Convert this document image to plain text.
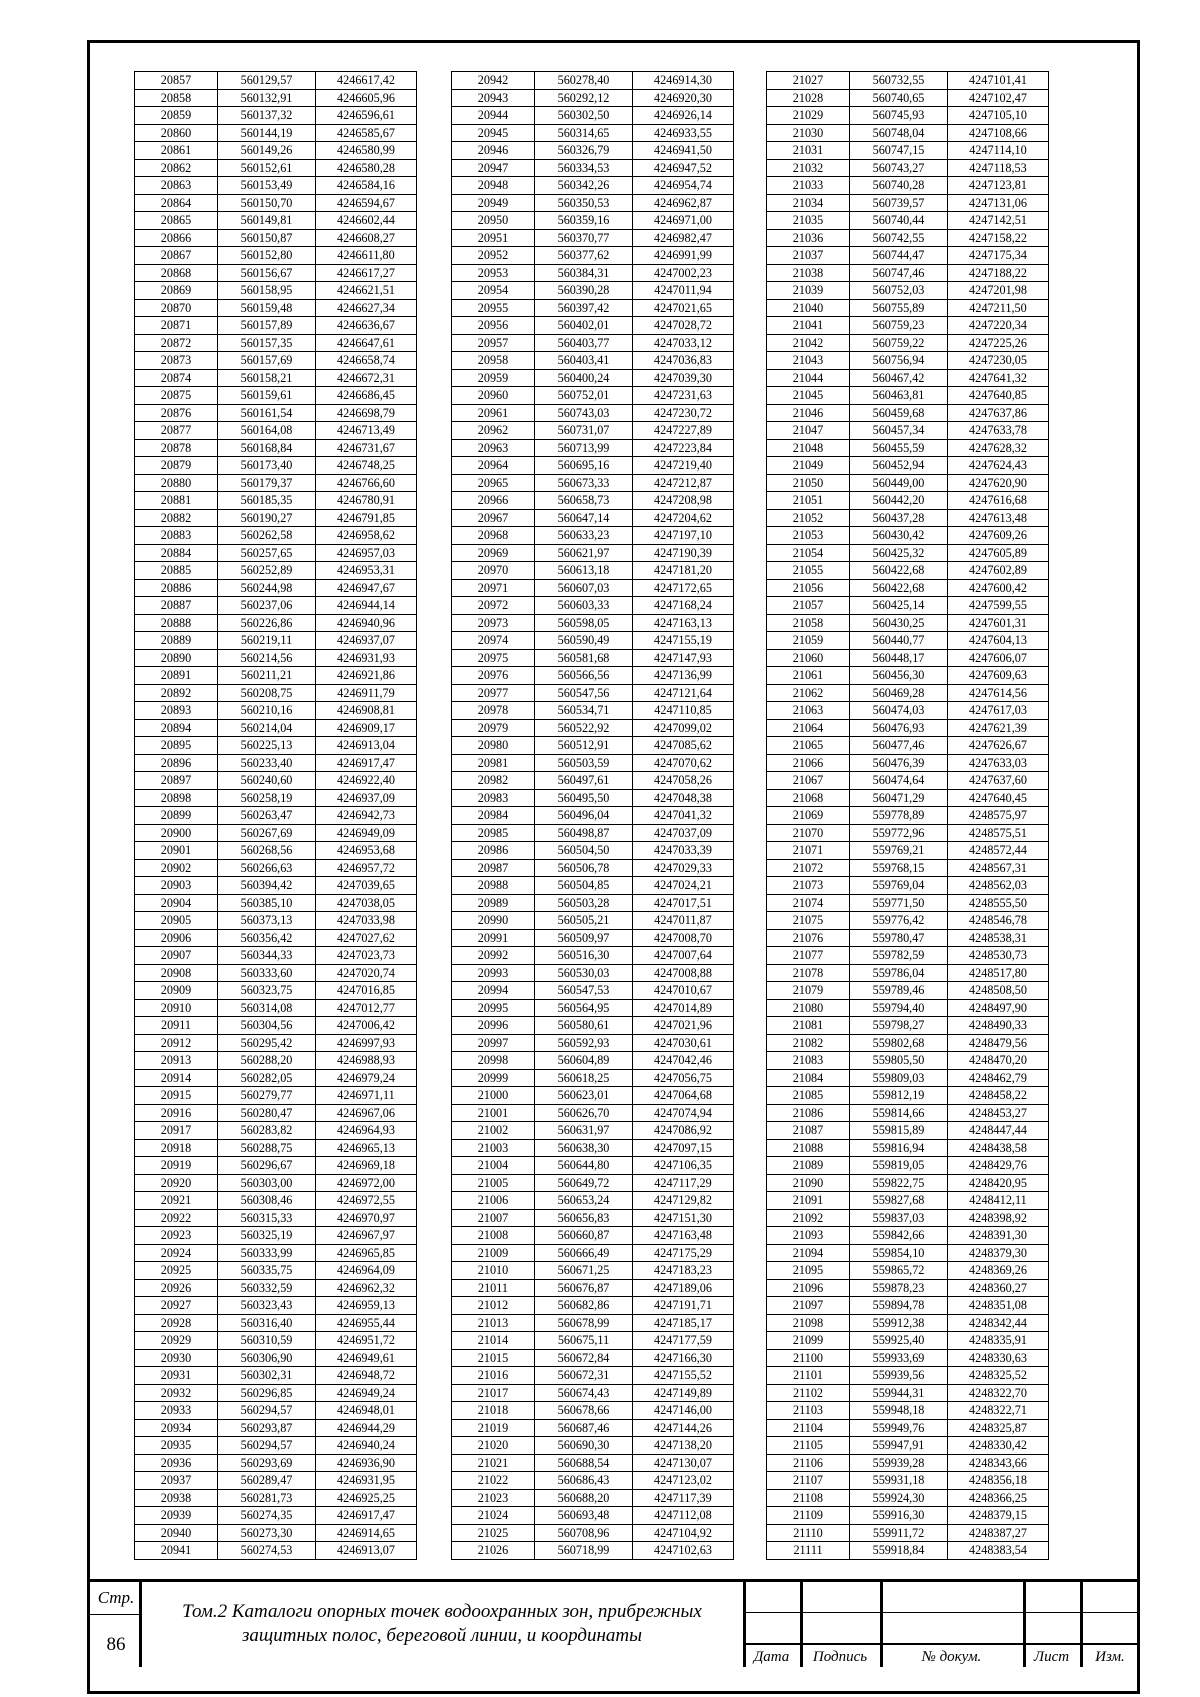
20857	560129,57	4246617,42
20858	560132,91	4246605,96
20859	560137,32	4246596,61
20860	560144,19	4246585,67
20861	560149,26	4246580,99
20862	560152,61	4246580,28
20863	560153,49	4246584,16
20864	560150,70	4246594,67
20865	560149,81	4246602,44
20866	560150,87	4246608,27
20867	560152,80	4246611,80
20868	560156,67	4246617,27
20869	560158,95	4246621,51
20870	560159,48	4246627,34
20871	560157,89	4246636,67
20872	560157,35	4246647,61
20873	560157,69	4246658,74
20874	560158,21	4246672,31
20875	560159,61	4246686,45
20876	560161,54	4246698,79
20877	560164,08	4246713,49
20878	560168,84	4246731,67
20879	560173,40	4246748,25
20880	560179,37	4246766,60
20881	560185,35	4246780,91
20882	560190,27	4246791,85
20883	560262,58	4246958,62
20884	560257,65	4246957,03
20885	560252,89	4246953,31
20886	560244,98	4246947,67
20887	560237,06	4246944,14
20888	560226,86	4246940,96
20889	560219,11	4246937,07
20890	560214,56	4246931,93
20891	560211,21	4246921,86
20892	560208,75	4246911,79
20893	560210,16	4246908,81
20894	560214,04	4246909,17
20895	560225,13	4246913,04
20896	560233,40	4246917,47
20897	560240,60	4246922,40
20898	560258,19	4246937,09
20899	560263,47	4246942,73
20900	560267,69	4246949,09
20901	560268,56	4246953,68
20902	560266,63	4246957,72
20903	560394,42	4247039,65
20904	560385,10	4247038,05
20905	560373,13	4247033,98
20906	560356,42	4247027,62
20907	560344,33	4247023,73
20908	560333,60	4247020,74
20909	560323,75	4247016,85
20910	560314,08	4247012,77
20911	560304,56	4247006,42
20912	560295,42	4246997,93
20913	560288,20	4246988,93
20914	560282,05	4246979,24
20915	560279,77	4246971,11
20916	560280,47	4246967,06
20917	560283,82	4246964,93
20918	560288,75	4246965,13
20919	560296,67	4246969,18
20920	560303,00	4246972,00
20921	560308,46	4246972,55
20922	560315,33	4246970,97
20923	560325,19	4246967,97
20924	560333,99	4246965,85
20925	560335,75	4246964,09
20926	560332,59	4246962,32
20927	560323,43	4246959,13
20928	560316,40	4246955,44
20929	560310,59	4246951,72
20930	560306,90	4246949,61
20931	560302,31	4246948,72
20932	560296,85	4246949,24
20933	560294,57	4246948,01
20934	560293,87	4246944,29
20935	560294,57	4246940,24
20936	560293,69	4246936,90
20937	560289,47	4246931,95
20938	560281,73	4246925,25
20939	560274,35	4246917,47
20940	560273,30	4246914,65
20941	560274,53	4246913,07
20942	560278,40	4246914,30
20943	560292,12	4246920,30
20944	560302,50	4246926,14
20945	560314,65	4246933,55
20946	560326,79	4246941,50
20947	560334,53	4246947,52
20948	560342,26	4246954,74
20949	560350,53	4246962,87
20950	560359,16	4246971,00
20951	560370,77	4246982,47
20952	560377,62	4246991,99
20953	560384,31	4247002,23
20954	560390,28	4247011,94
20955	560397,42	4247021,65
20956	560402,01	4247028,72
20957	560403,77	4247033,12
20958	560403,41	4247036,83
20959	560400,24	4247039,30
20960	560752,01	4247231,63
20961	560743,03	4247230,72
20962	560731,07	4247227,89
20963	560713,99	4247223,84
20964	560695,16	4247219,40
20965	560673,33	4247212,87
20966	560658,73	4247208,98
20967	560647,14	4247204,62
20968	560633,23	4247197,10
20969	560621,97	4247190,39
20970	560613,18	4247181,20
20971	560607,03	4247172,65
20972	560603,33	4247168,24
20973	560598,05	4247163,13
20974	560590,49	4247155,19
20975	560581,68	4247147,93
20976	560566,56	4247136,99
20977	560547,56	4247121,64
20978	560534,71	4247110,85
20979	560522,92	4247099,02
20980	560512,91	4247085,62
20981	560503,59	4247070,62
20982	560497,61	4247058,26
20983	560495,50	4247048,38
20984	560496,04	4247041,32
20985	560498,87	4247037,09
20986	560504,50	4247033,39
20987	560506,78	4247029,33
20988	560504,85	4247024,21
20989	560503,28	4247017,51
20990	560505,21	4247011,87
20991	560509,97	4247008,70
20992	560516,30	4247007,64
20993	560530,03	4247008,88
20994	560547,53	4247010,67
20995	560564,95	4247014,89
20996	560580,61	4247021,96
20997	560592,93	4247030,61
20998	560604,89	4247042,46
20999	560618,25	4247056,75
21000	560623,01	4247064,68
21001	560626,70	4247074,94
21002	560631,97	4247086,92
21003	560638,30	4247097,15
21004	560644,80	4247106,35
21005	560649,72	4247117,29
21006	560653,24	4247129,82
21007	560656,83	4247151,30
21008	560660,87	4247163,48
21009	560666,49	4247175,29
21010	560671,25	4247183,23
21011	560676,87	4247189,06
21012	560682,86	4247191,71
21013	560678,99	4247185,17
21014	560675,11	4247177,59
21015	560672,84	4247166,30
21016	560672,31	4247155,52
21017	560674,43	4247149,89
21018	560678,66	4247146,00
21019	560687,46	4247144,26
21020	560690,30	4247138,20
21021	560688,54	4247130,07
21022	560686,43	4247123,02
21023	560688,20	4247117,39
21024	560693,48	4247112,08
21025	560708,96	4247104,92
21026	560718,99	4247102,63
21027	560732,55	4247101,41
21028	560740,65	4247102,47
21029	560745,93	4247105,10
21030	560748,04	4247108,66
21031	560747,15	4247114,10
21032	560743,27	4247118,53
21033	560740,28	4247123,81
21034	560739,57	4247131,06
21035	560740,44	4247142,51
21036	560742,55	4247158,22
21037	560744,47	4247175,34
21038	560747,46	4247188,22
21039	560752,03	4247201,98
21040	560755,89	4247211,50
21041	560759,23	4247220,34
21042	560759,22	4247225,26
21043	560756,94	4247230,05
21044	560467,42	4247641,32
21045	560463,81	4247640,85
21046	560459,68	4247637,86
21047	560457,34	4247633,78
21048	560455,59	4247628,32
21049	560452,94	4247624,43
21050	560449,00	4247620,90
21051	560442,20	4247616,68
21052	560437,28	4247613,48
21053	560430,42	4247609,26
21054	560425,32	4247605,89
21055	560422,68	4247602,89
21056	560422,68	4247600,42
21057	560425,14	4247599,55
21058	560430,25	4247601,31
21059	560440,77	4247604,13
21060	560448,17	4247606,07
21061	560456,30	4247609,63
21062	560469,28	4247614,56
21063	560474,03	4247617,03
21064	560476,93	4247621,39
21065	560477,46	4247626,67
21066	560476,39	4247633,03
21067	560474,64	4247637,60
21068	560471,29	4247640,45
21069	559778,89	4248575,97
21070	559772,96	4248575,51
21071	559769,21	4248572,44
21072	559768,15	4248567,31
21073	559769,04	4248562,03
21074	559771,50	4248555,50
21075	559776,42	4248546,78
21076	559780,47	4248538,31
21077	559782,59	4248530,73
21078	559786,04	4248517,80
21079	559789,46	4248508,50
21080	559794,40	4248497,90
21081	559798,27	4248490,33
21082	559802,68	4248479,56
21083	559805,50	4248470,20
21084	559809,03	4248462,79
21085	559812,19	4248458,22
21086	559814,66	4248453,27
21087	559815,89	4248447,44
21088	559816,94	4248438,58
21089	559819,05	4248429,76
21090	559822,75	4248420,95
21091	559827,68	4248412,11
21092	559837,03	4248398,92
21093	559842,66	4248391,30
21094	559854,10	4248379,30
21095	559865,72	4248369,26
21096	559878,23	4248360,27
21097	559894,78	4248351,08
21098	559912,38	4248342,44
21099	559925,40	4248335,91
21100	559933,69	4248330,63
21101	559939,56	4248325,52
21102	559944,31	4248322,70
21103	559948,18	4248322,71
21104	559949,76	4248325,87
21105	559947,91	4248330,42
21106	559939,28	4248343,66
21107	559931,18	4248356,18
21108	559924,30	4248366,25
21109	559916,30	4248379,15
21110	559911,72	4248387,27
21111	559918,84	4248383,54
Стр.
86
Том.2 Каталоги опорных точек водоохранных зон, прибрежных защитных полос, береговой линии, и координаты
Дата	Подпись	№ докум.	Лист	Изм.
